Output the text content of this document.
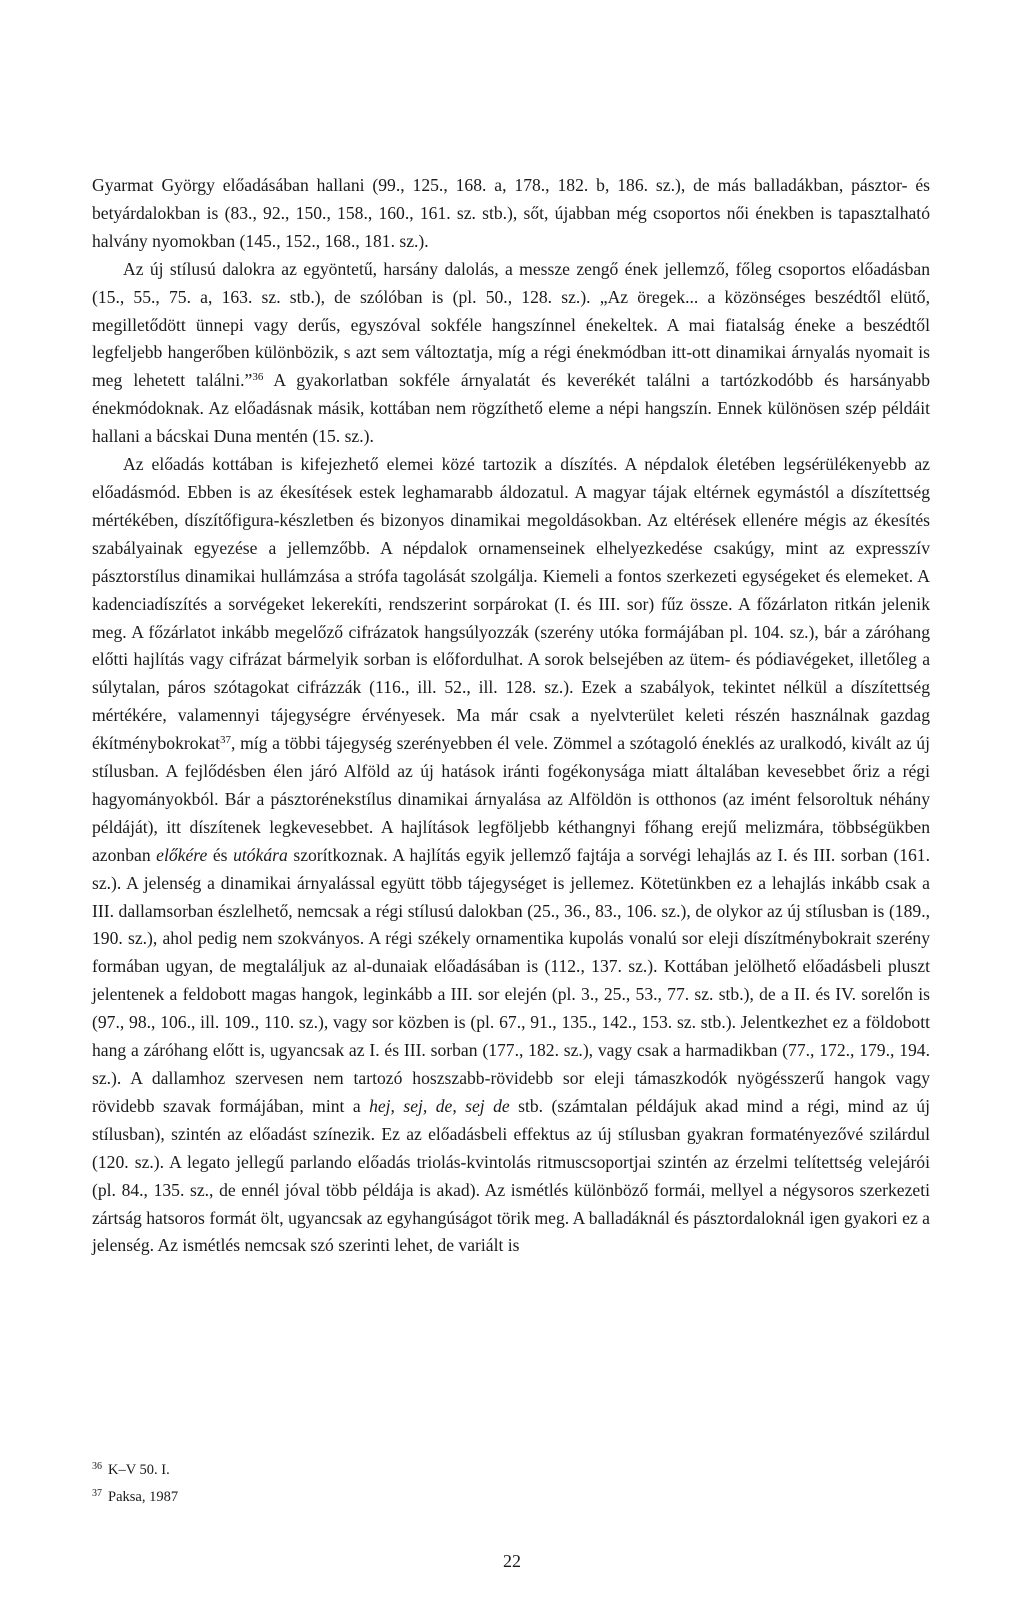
Gyarmat György előadásában hallani (99., 125., 168. a, 178., 182. b, 186. sz.), de más balladákban, pásztor- és betyárdalokban is (83., 92., 150., 158., 160., 161. sz. stb.), sőt, újabban még csoportos női énekben is tapasztalható halvány nyomokban (145., 152., 168., 181. sz.).

Az új stílusú dalokra az egyöntetű, harsány dalolás, a messze zengő ének jellemző, főleg csoportos előadásban (15., 55., 75. a, 163. sz. stb.), de szólóban is (pl. 50., 128. sz.). „Az öregek... a közönséges beszédtől elütő, megilletődött ünnepi vagy derűs, egyszóval sokféle hangszínnel énekeltek. A mai fiatalság éneke a beszédtől legfeljebb hangerőben különbözik, s azt sem változtatja, míg a régi énekmódban itt-ott dinamikai árnyalás nyomait is meg lehetett találni.”$^{36}$ A gyakorlatban sokféle árnyalatát és keverékét találni a tartózkodóbb és harsányabb énekmódoknak. Az előadásnak másik, kottában nem rögzíthető eleme a népi hangszín. Ennek különösen szép példáit hallani a bácskai Duna mentén (15. sz.).

Az előadás kottában is kifejezhető elemei közé tartozik a díszítés. A népdalok életében legsérülékenyebb az előadásmód. Ebben is az ékesítések estek leghamarabb áldozatul. A magyar tájak eltérnek egymástól a díszítettség mértékében, díszítőfigura-készletben és bizonyos dinamikai megoldásokban. Az eltérések ellenére mégis az ékesítés szabályainak egyezése a jellemzőbb. A népdalok ornamenseinek elhelyezkedése csakúgy, mint az expresszív pásztorstílus dinamikai hullámzása a strófa tagolását szolgálja. Kiemeli a fontos szerkezeti egységeket és elemeket. A kadenciadíszítés a sorvégeket lekerekíti, rendszerint sorpárokat (I. és III. sor) fűz össze. A főzárlaton ritkán jelenik meg. A főzárlatot inkább megelőző cifrázatok hangsúlyozzák (szerény utóka formájában pl. 104. sz.), bár a záróhang előtti hajlítás vagy cifrázat bármelyik sorban is előfordulhat. A sorok belsejében az ütem- és pódiavégeket, illetőleg a súlytalan, páros szótagokat cifrázzák (116., ill. 52., ill. 128. sz.). Ezek a szabályok, tekintet nélkül a díszítettség mértékére, valamennyi tájegységre érvényesek. Ma már csak a nyelvterület keleti részén használnak gazdag ékítménybokrokat$^{37}$, míg a többi tájegység szerényebben él vele. Zömmel a szótagoló éneklés az uralkodó, kivált az új stílusban. A fejlődésben élen járó Alföld az új hatások iránti fogékonysága miatt általában kevesebbet őriz a régi hagyományokból. Bár a pásztorénekstílus dinamikai árnyalása az Alföldön is otthonos (az imént felsoroltuk néhány példáját), itt díszítenek legkevesebbet. A hajlítások legföljebb kéthangnyi főhang erejű melizmára, többségükben azonban előkére és utókára szorítkoznak. A hajlítás egyik jellemző fajtája a sorvégi lehajlás az I. és III. sorban (161. sz.). A jelenség a dinamikai árnyalással együtt több tájegységet is jellemez. Kötetünkben ez a lehajlás inkább csak a III. dallamsorban észlelhető, nemcsak a régi stílusú dalokban (25., 36., 83., 106. sz.), de olykor az új stílusban is (189., 190. sz.), ahol pedig nem szokványos. A régi székely ornamentika kupolás vonalú sor eleji díszítménybokrait szerény formában ugyan, de megtaláljuk az al-dunaiak előadásában is (112., 137. sz.). Kottában jelölhető előadásbeli pluszt jelentenek a feldobott magas hangok, leginkább a III. sor elején (pl. 3., 25., 53., 77. sz. stb.), de a II. és IV. sorelőn is (97., 98., 106., ill. 109., 110. sz.), vagy sor közben is (pl. 67., 91., 135., 142., 153. sz. stb.). Jelentkezhet ez a földobott hang a záróhang előtt is, ugyancsak az I. és III. sorban (177., 182. sz.), vagy csak a harmadikban (77., 172., 179., 194. sz.). A dallamhoz szervesen nem tartozó hoszszabb-rövidebb sor eleji támaszkodók nyögésszerű hangok vagy rövidebb szavak formájában, mint a hej, sej, de, sej de stb. (számtalan példájuk akad mind a régi, mind az új stílusban), szintén az előadást színezik. Ez az előadásbeli effektus az új stílusban gyakran formatényezővé szilárdul (120. sz.). A legato jellegű parlando előadás triolás-kvintolás ritmuscsoportjai szintén az érzelmi telítettség velejárói (pl. 84., 135. sz., de ennél jóval több példája is akad). Az ismétlés különböző formái, mellyel a négysoros szerkezeti zártság hatsoros formát ölt, ugyancsak az egyhangúságot törik meg. A balladáknál és pásztordaloknál igen gyakori ez a jelenség. Az ismétlés nemcsak szó szerinti lehet, de variált is

$^{36}$ K–V 50. I.

$^{37}$ Paksa, 1987

22
